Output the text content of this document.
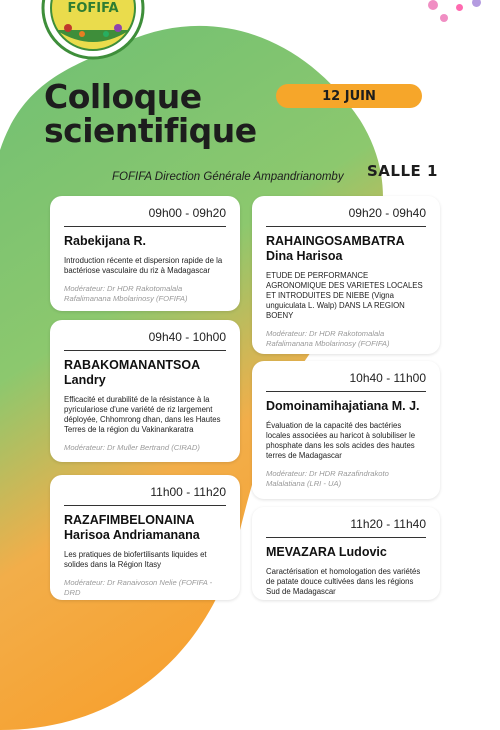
FOFIFA
Colloque
scientifique
12 JUIN
FOFIFA Direction Générale Ampandrianomby SALLE 1
09h00 - 09h20
Rabekijana R.
Introduction récente et dispersion rapide de la bactériose vasculaire du riz à Madagascar
Modérateur: Dr HDR Rakotomalala Rafalimanana Mbolarinosy (FOFIFA)
09h20 - 09h40
RAHAINGOSAMBATRA
Dina Harisoa
ETUDE DE PERFORMANCE AGRONOMIQUE DES VARIETES LOCALES ET INTRODUITES DE NIEBE (Vigna unguiculata L. Walp) DANS LA REGION BOENY
Modérateur: Dr HDR Rakotomalala Rafalimanana Mbolarinosy (FOFIFA)
09h40 - 10h00
RABAKOMANANTSOA
Landry
Efficacité et durabilité de la résistance à la pyriculariose d'une variété de riz largement déployée, Chhomrong dhan, dans les Hautes Terres de la région du Vakinankaratra
Modérateur: Dr Muller Bertrand (CIRAD)
10h40 - 11h00
Domoinamihajatiana M. J.
Évaluation de la capacité des bactéries locales associées au haricot à solubiliser le phosphate dans les sols acides des hautes terres de Madagascar
Modérateur: Dr HDR Razafindrakoto Malalatiana (LRI - UA)
11h00 - 11h20
RAZAFIMBELONAINA
Harisoa Andriamanana
Les pratiques de biofertilisants liquides et solides dans la Région Itasy
Modérateur: Dr Ranaivoson Nelie (FOFIFA - DRD
11h20 - 11h40
MEVAZARA Ludovic
Caractérisation et homologation des variétés de patate douce cultivées dans les régions Sud de Madagascar
